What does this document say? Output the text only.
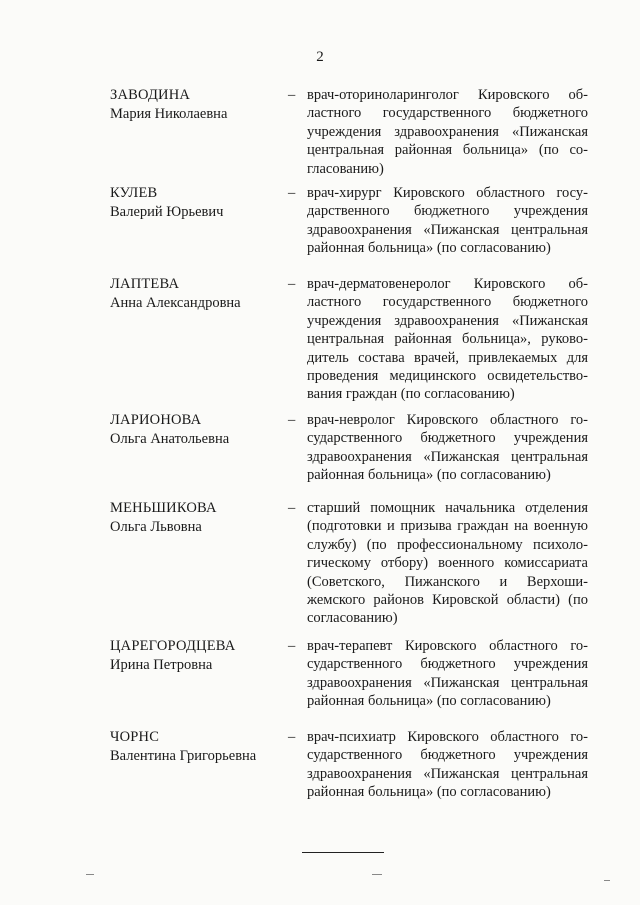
2
ЗАВОДИНА
Мария Николаевна
– врач-оториноларинголог Кировского об-
ластного государственного бюджетного
учреждения здравоохранения «Пижанская
центральная районная больница» (по со-
гласованию)
КУЛЕВ
Валерий Юрьевич
– врач-хирург Кировского областного госу-
дарственного бюджетного учреждения
здравоохранения «Пижанская центральная
районная больница» (по согласованию)
ЛАПТЕВА
Анна Александровна
– врач-дерматовенеролог Кировского об-
ластного государственного бюджетного
учреждения здравоохранения «Пижанская
центральная районная больница», руково-
дитель состава врачей, привлекаемых для
проведения медицинского освидетельство-
вания граждан (по согласованию)
ЛАРИОНОВА
Ольга Анатольевна
– врач-невролог Кировского областного го-
сударственного бюджетного учреждения
здравоохранения «Пижанская центральная
районная больница» (по согласованию)
МЕНЬШИКОВА
Ольга Львовна
– старший помощник начальника отделения
(подготовки и призыва граждан на военную
службу) (по профессиональному психоло-
гическому отбору) военного комиссариата
(Советского, Пижанского и Верхоши-
жемского районов Кировской области) (по
согласованию)
ЦАРЕГОРОДЦЕВА
Ирина Петровна
– врач-терапевт Кировского областного го-
сударственного бюджетного учреждения
здравоохранения «Пижанская центральная
районная больница» (по согласованию)
ЧОРНС
Валентина Григорьевна
– врач-психиатр Кировского областного го-
сударственного бюджетного учреждения
здравоохранения «Пижанская центральная
районная больница» (по согласованию)
